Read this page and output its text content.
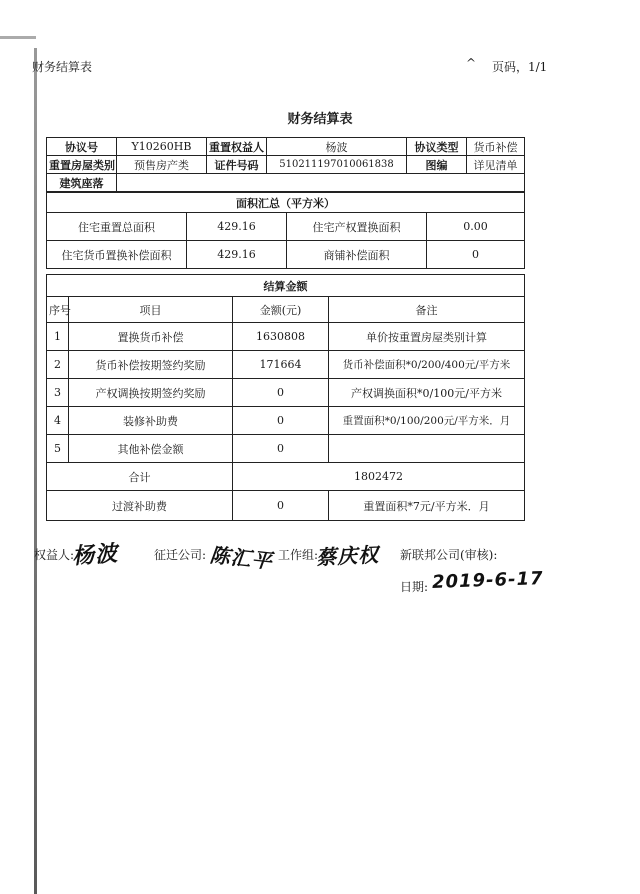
财务结算表	^ 页码，1/1
财务结算表
协议号	Y10260HB	重置权益人	杨波	协议类型	货币补偿
重置房屋类别	预售房产类	证件号码	510211197010061838	图编	详见清单
建筑座落					
面积汇总（平方米）			
住宅重置总面积	429.16	住宅产权置换面积	0.00
住宅货币置换补偿面积	429.16	商铺补偿面积	0
结算金额			
序号	项目	金额(元)	备注
1	置换货币补偿	1630808	单价按重置房屋类别计算
2	货币补偿按期签约奖励	171664	货币补偿面积*0/200/400元/平方米
3	产权调换按期签约奖励	0	产权调换面积*0/100元/平方米
4	装修补助费	0	重置面积*0/100/200元/平方米．月
5	其他补偿金额	0	
合计		1802472	
过渡补助费		0	重置面积*7元/平方米．月
权益人:
杨波	征迁公司: 陈汇平 工作组:
蔡庆权 新联邦公司(审核):
日期: 2019-6-17
